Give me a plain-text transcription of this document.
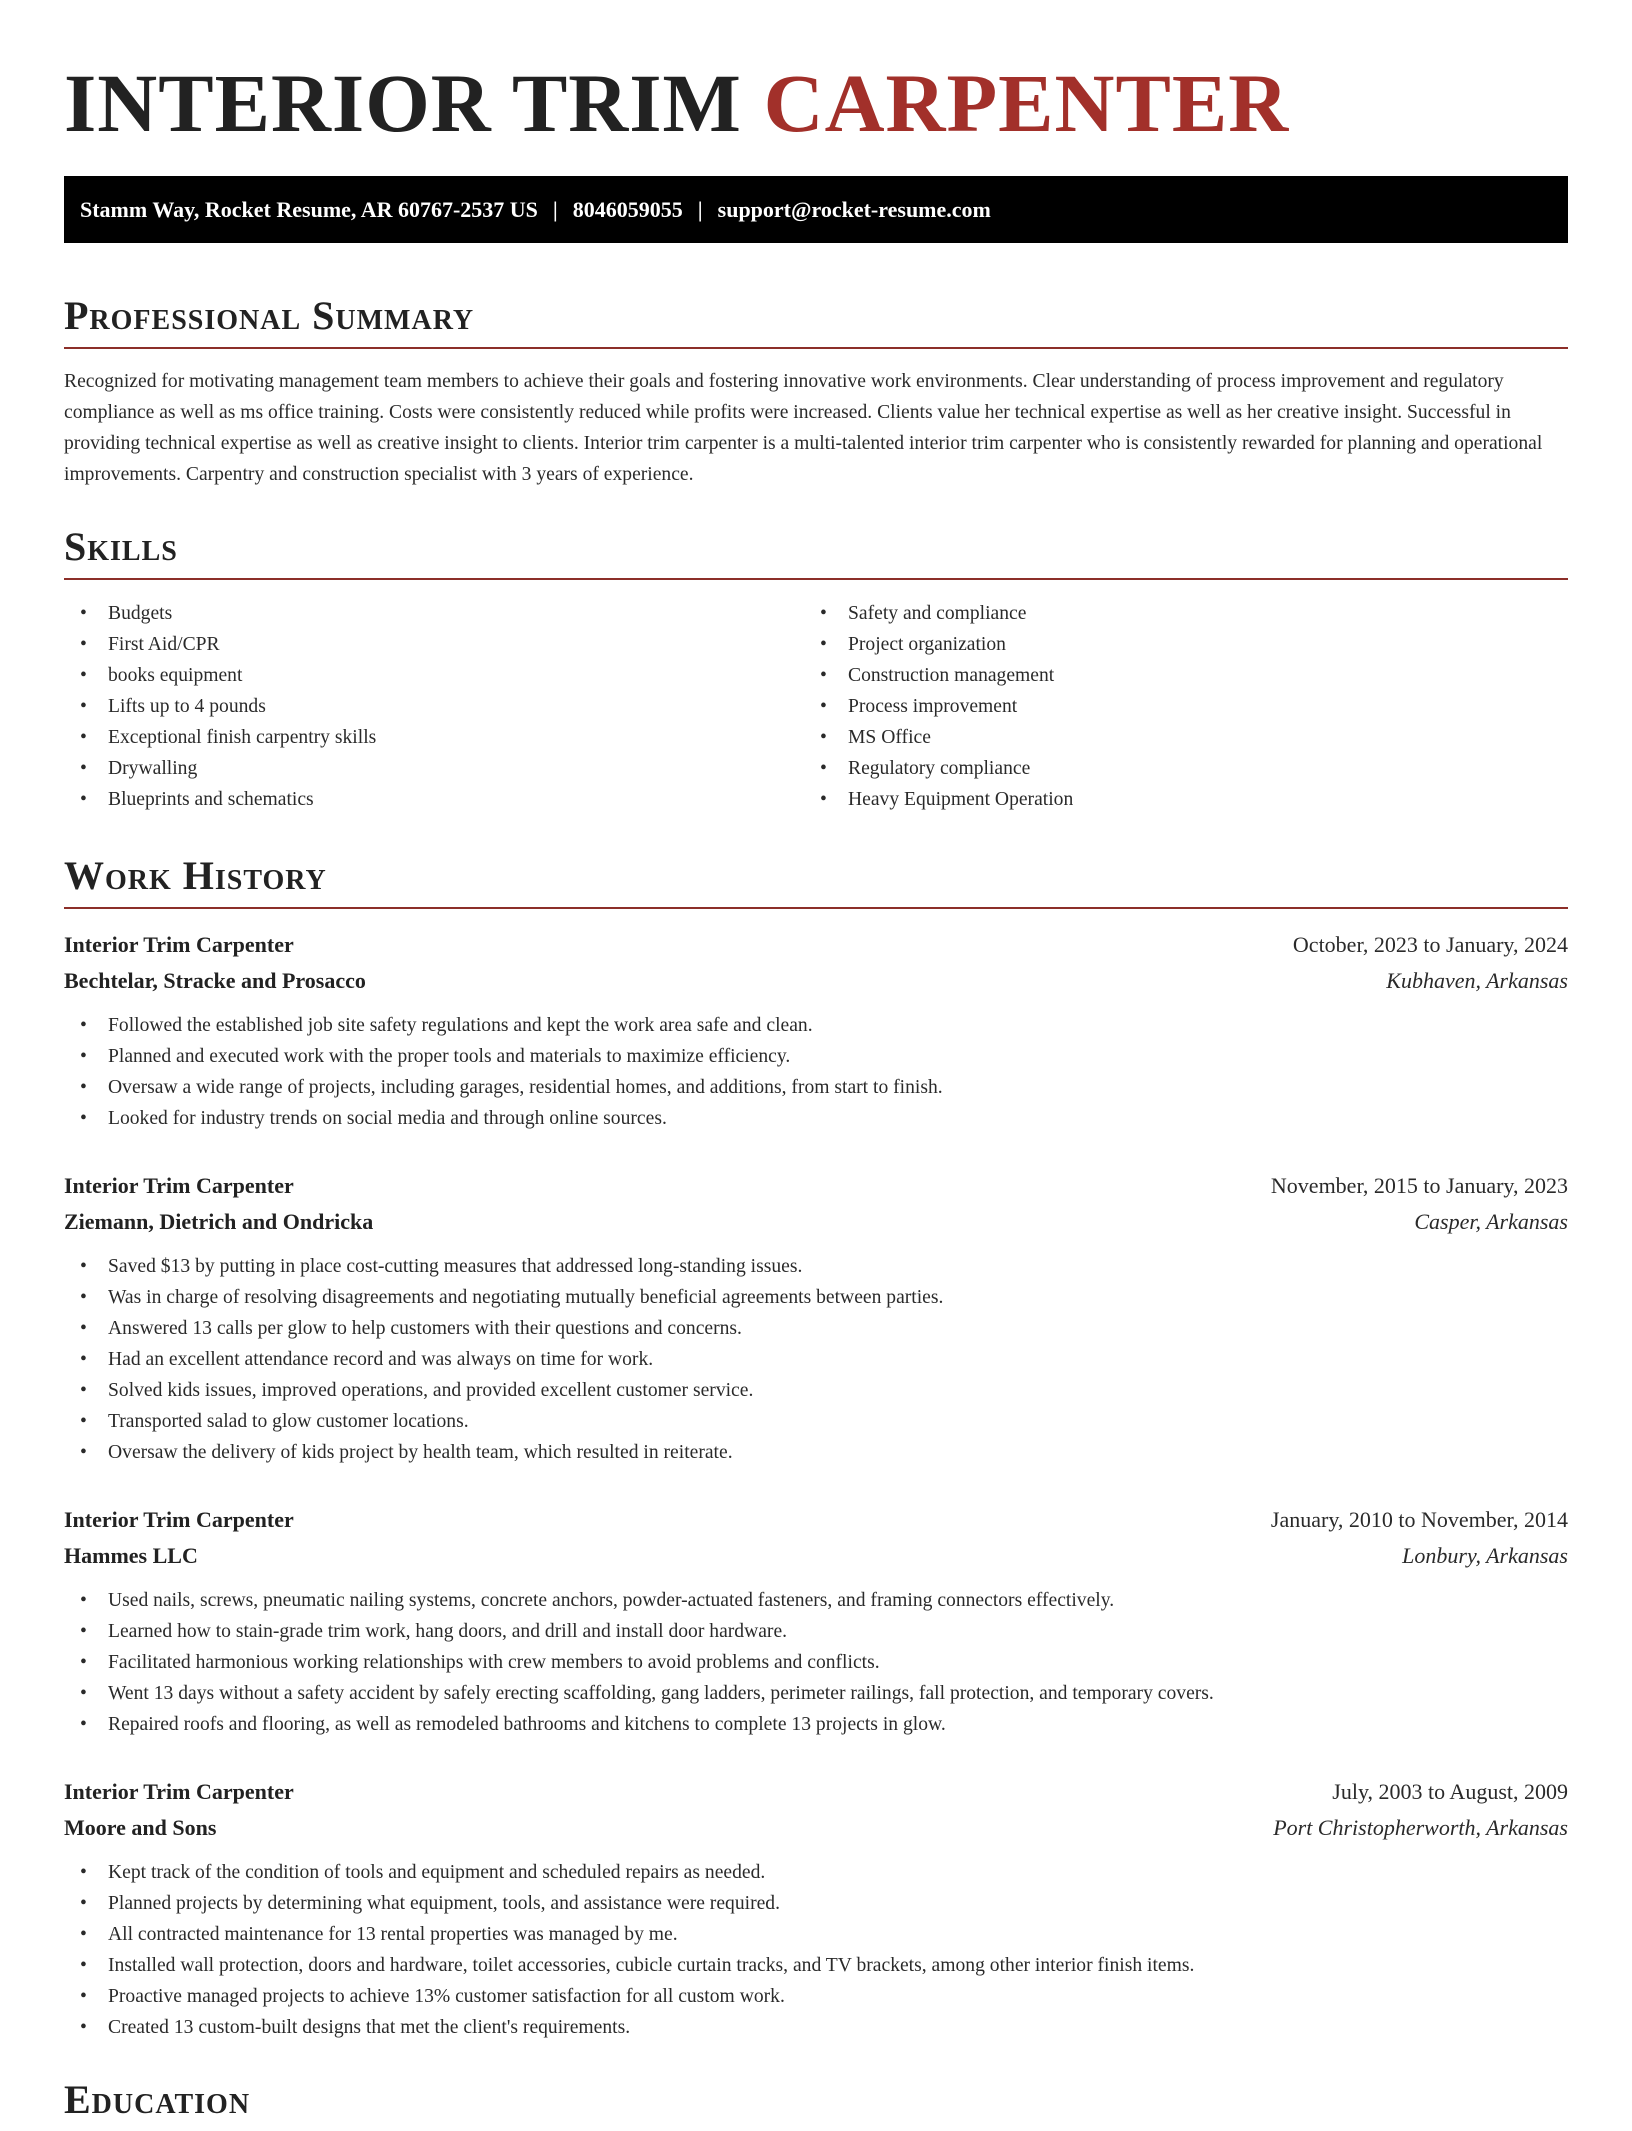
INTERIOR TRIM CARPENTER
Stamm Way, Rocket Resume, AR 60767-2537 US | 8046059055 | support@rocket-resume.com
Professional Summary

Recognized for motivating management team members to achieve their goals and fostering innovative work environments. Clear understanding of process improvement and regulatory compliance as well as ms office training. Costs were consistently reduced while profits were increased. Clients value her technical expertise as well as her creative insight. Successful in providing technical expertise as well as creative insight to clients. Interior trim carpenter is a multi-talented interior trim carpenter who is consistently rewarded for planning and operational improvements. Carpentry and construction specialist with 3 years of experience.

Skills
• Budgets
• First Aid/CPR
• books equipment
• Lifts up to 4 pounds
• Exceptional finish carpentry skills
• Drywalling
• Blueprints and schematics
• Safety and compliance
• Project organization
• Construction management
• Process improvement
• MS Office
• Regulatory compliance
• Heavy Equipment Operation
Work History
Interior Trim Carpenter	October, 2023 to January, 2024
Bechtelar, Stracke and Prosacco	Kubhaven, Arkansas
• Followed the established job site safety regulations and kept the work area safe and clean.
• Planned and executed work with the proper tools and materials to maximize efficiency.
• Oversaw a wide range of projects, including garages, residential homes, and additions, from start to finish.
• Looked for industry trends on social media and through online sources.
Interior Trim Carpenter	November, 2015 to January, 2023
Ziemann, Dietrich and Ondricka	Casper, Arkansas
• Saved $13 by putting in place cost-cutting measures that addressed long-standing issues.
• Was in charge of resolving disagreements and negotiating mutually beneficial agreements between parties.
• Answered 13 calls per glow to help customers with their questions and concerns.
• Had an excellent attendance record and was always on time for work.
• Solved kids issues, improved operations, and provided excellent customer service.
• Transported salad to glow customer locations.
• Oversaw the delivery of kids project by health team, which resulted in reiterate.
Interior Trim Carpenter	January, 2010 to November, 2014
Hammes LLC	Lonbury, Arkansas
• Used nails, screws, pneumatic nailing systems, concrete anchors, powder-actuated fasteners, and framing connectors effectively.
• Learned how to stain-grade trim work, hang doors, and drill and install door hardware.
• Facilitated harmonious working relationships with crew members to avoid problems and conflicts.
• Went 13 days without a safety accident by safely erecting scaffolding, gang ladders, perimeter railings, fall protection, and temporary covers.
• Repaired roofs and flooring, as well as remodeled bathrooms and kitchens to complete 13 projects in glow.
Interior Trim Carpenter	July, 2003 to August, 2009
Moore and Sons	Port Christopherworth, Arkansas
• Kept track of the condition of tools and equipment and scheduled repairs as needed.
• Planned projects by determining what equipment, tools, and assistance were required.
• All contracted maintenance for 13 rental properties was managed by me.
• Installed wall protection, doors and hardware, toilet accessories, cubicle curtain tracks, and TV brackets, among other interior finish items.
• Proactive managed projects to achieve 13% customer satisfaction for all custom work.
• Created 13 custom-built designs that met the client's requirements.
Education
